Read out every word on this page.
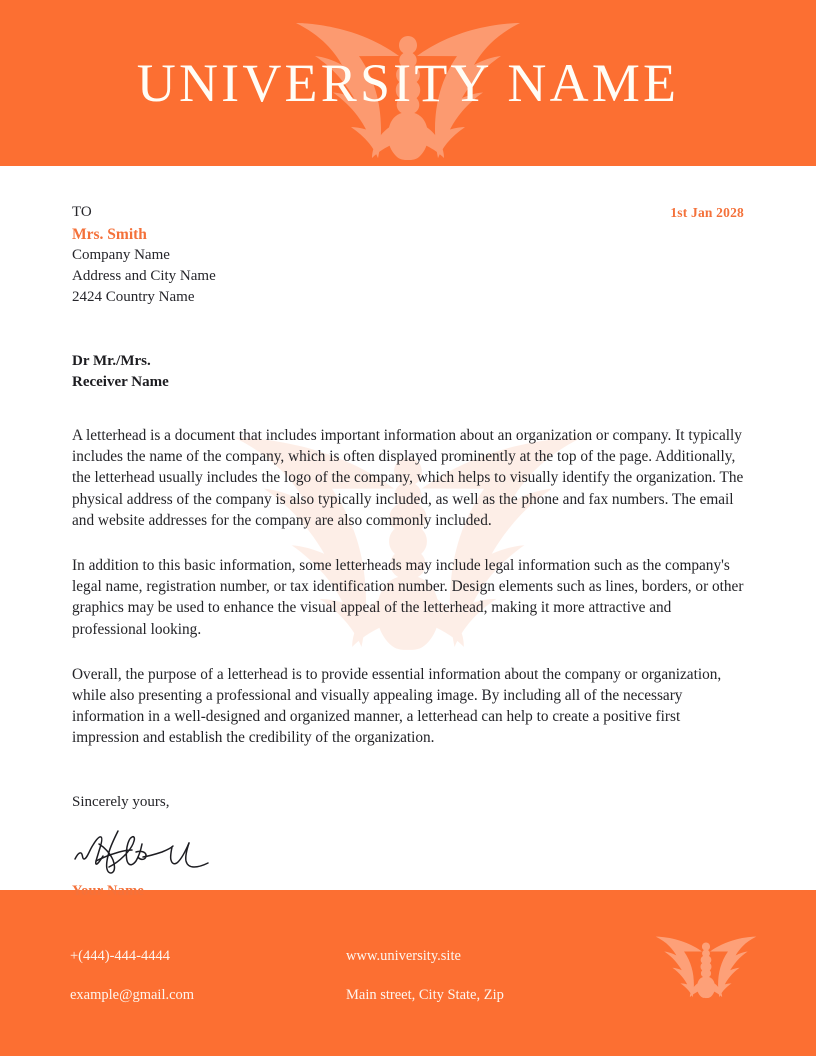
UNIVERSITY NAME
TO
Mrs. Smith
Company Name
Address and City Name
2424 Country Name
1st Jan 2028
Dr Mr./Mrs.
Receiver Name

A letterhead is a document that includes important information about an organization or company. It typically includes the name of the company, which is often displayed prominently at the top of the page. Additionally, the letterhead usually includes the logo of the company, which helps to visually identify the organization. The physical address of the company is also typically included, as well as the phone and fax numbers. The email and website addresses for the company are also commonly included.

In addition to this basic information, some letterheads may include legal information such as the company's legal name, registration number, or tax identification number. Design elements such as lines, borders, or other graphics may be used to enhance the visual appeal of the letterhead, making it more attractive and professional looking.

Overall, the purpose of a letterhead is to provide essential information about the company or organization, while also presenting a professional and visually appealing image. By including all of the necessary information in a well-designed and organized manner, a letterhead can help to create a positive first impression and establish the credibility of the organization.

Sincerely yours,
Your Name
+(444)-444-4444
example@gmail.com
www.university.site
Main street, City State, Zip
